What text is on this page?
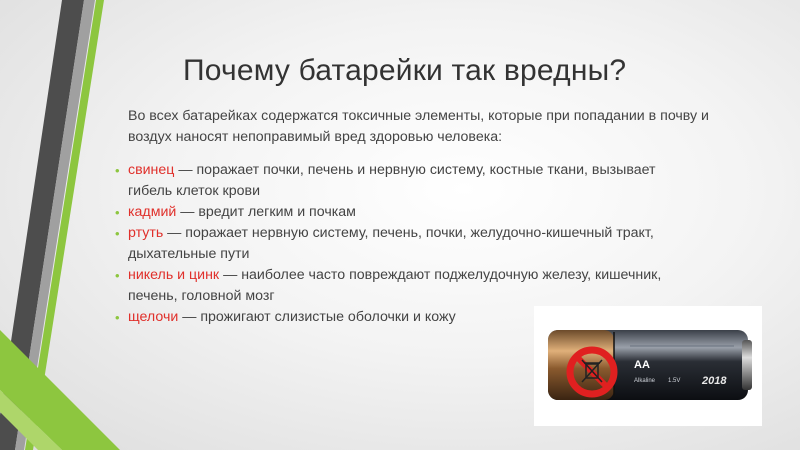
Почему батарейки так вредны?
Во всех батарейках содержатся токсичные элементы, которые при попадании в почву и
воздух наносят непоправимый вред здоровью человека:
• свинец — поражает почки, печень и нервную систему, костные ткани, вызывает
гибель клеток крови
• кадмий — вредит легким и почкам
• ртуть — поражает нервную систему, печень, почки, желудочно-кишечный тракт,
дыхательные пути
• никель и цинк — наиболее часто повреждают поджелудочную железу, кишечник,
печень, головной мозг
• щелочи — прожигают слизистые оболочки и кожу
AA
Alkaline 1.5V 2018
